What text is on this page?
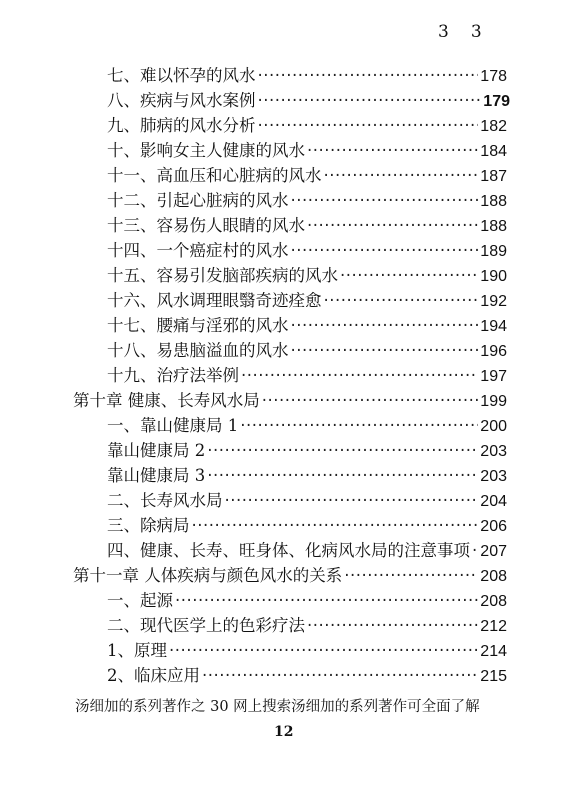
3 3
七、难以怀孕的风水 ·····	178
八、疾病与风水案例 ·····	179
九、肺病的风水分析 ·····	182
十、影响女主人健康的风水 ·····	184
十一、高血压和心脏病的风水 ·····	187
十二、引起心脏病的风水 ·····	188
十三、容易伤人眼睛的风水 ·····	188
十四、一个癌症村的风水 ·····	189
十五、容易引发脑部疾病的风水 ·····	190
十六、风水调理眼翳奇迹痊愈 ·····	192
十七、腰痛与淫邪的风水 ·····	194
十八、易患脑溢血的风水 ·····	196
十九、治疗法举例 ·····	197
第十章 健康、长寿风水局 ·····	199
一、靠山健康局 1 ·····	200
靠山健康局 2 ·····	203
靠山健康局 3 ·····	203
二、长寿风水局 ·····	204
三、除病局 ·····	206
四、健康、长寿、旺身体、化病风水局的注意事项 ····· 207
第十一章 人体疾病与颜色风水的关系 ·····	208
一、起源 ·····	208
二、现代医学上的色彩疗法 ·····	212
1、原理 ·····	214
2、临床应用 ·····	215
汤细加的系列著作之 30 网上搜索汤细加的系列著作可全面了解
12
